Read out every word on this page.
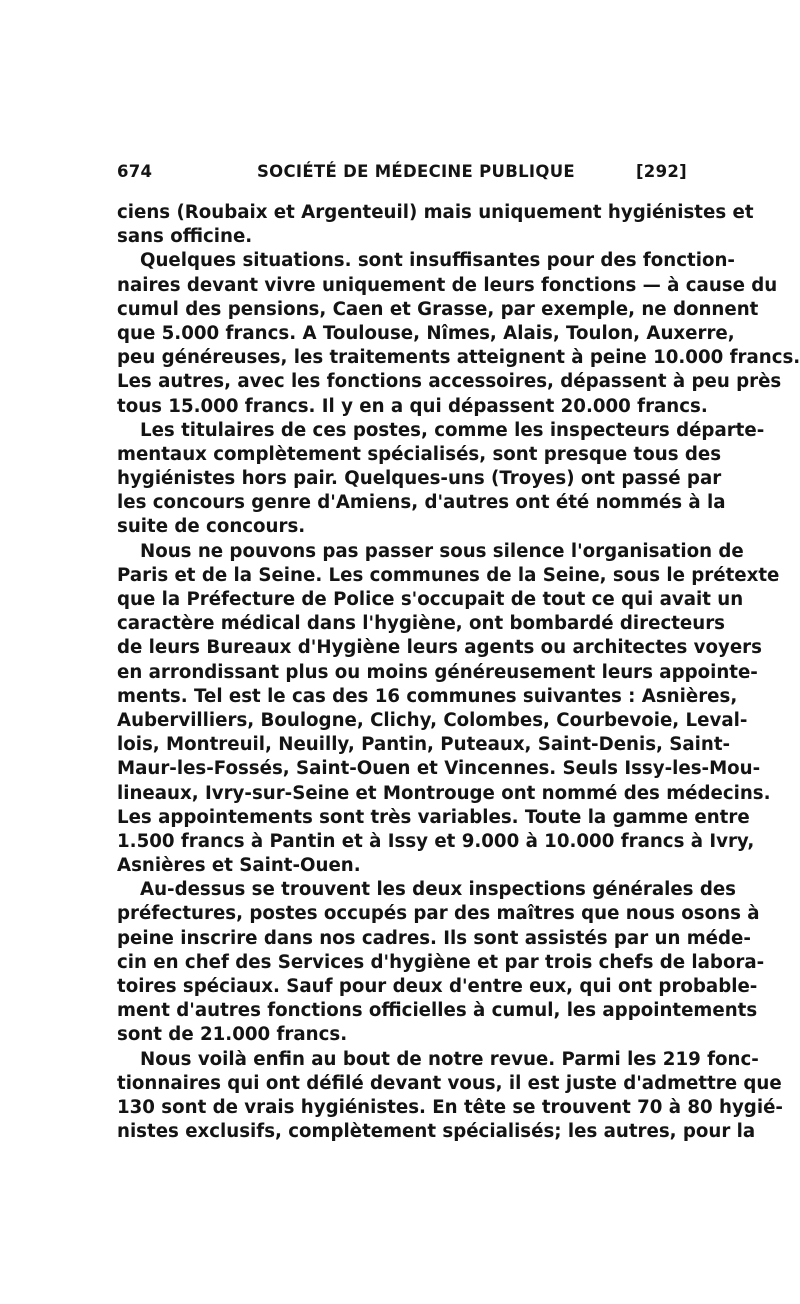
674	SOCIÉTÉ DE MÉDECINE PUBLIQUE	[292]
ciens (Roubaix et Argenteuil) mais uniquement hygiénistes et
sans officine.
Quelques situations. sont insuffisantes pour des fonction-
naires devant vivre uniquement de leurs fonctions — à cause du
cumul des pensions, Caen et Grasse, par exemple, ne donnent
que 5.000 francs. A Toulouse, Nîmes, Alais, Toulon, Auxerre,
peu généreuses, les traitements atteignent à peine 10.000 francs.
Les autres, avec les fonctions accessoires, dépassent à peu près
tous 15.000 francs. Il y en a qui dépassent 20.000 francs.
Les titulaires de ces postes, comme les inspecteurs départe-
mentaux complètement spécialisés, sont presque tous des
hygiénistes hors pair. Quelques-uns (Troyes) ont passé par
les concours genre d'Amiens, d'autres ont été nommés à la
suite de concours.
Nous ne pouvons pas passer sous silence l'organisation de
Paris et de la Seine. Les communes de la Seine, sous le prétexte
que la Préfecture de Police s'occupait de tout ce qui avait un
caractère médical dans l'hygiène, ont bombardé directeurs
de leurs Bureaux d'Hygiène leurs agents ou architectes voyers
en arrondissant plus ou moins généreusement leurs appointe-
ments. Tel est le cas des 16 communes suivantes : Asnières,
Aubervilliers, Boulogne, Clichy, Colombes, Courbevoie, Leval-
lois, Montreuil, Neuilly, Pantin, Puteaux, Saint-Denis, Saint-
Maur-les-Fossés, Saint-Ouen et Vincennes. Seuls Issy-les-Mou-
lineaux, Ivry-sur-Seine et Montrouge ont nommé des médecins.
Les appointements sont très variables. Toute la gamme entre
1.500 francs à Pantin et à Issy et 9.000 à 10.000 francs à Ivry,
Asnières et Saint-Ouen.
Au-dessus se trouvent les deux inspections générales des
préfectures, postes occupés par des maîtres que nous osons à
peine inscrire dans nos cadres. Ils sont assistés par un méde-
cin en chef des Services d'hygiène et par trois chefs de labora-
toires spéciaux. Sauf pour deux d'entre eux, qui ont probable-
ment d'autres fonctions officielles à cumul, les appointements
sont de 21.000 francs.
Nous voilà enfin au bout de notre revue. Parmi les 219 fonc-
tionnaires qui ont défilé devant vous, il est juste d'admettre que
130 sont de vrais hygiénistes. En tête se trouvent 70 à 80 hygié-
nistes exclusifs, complètement spécialisés; les autres, pour la
